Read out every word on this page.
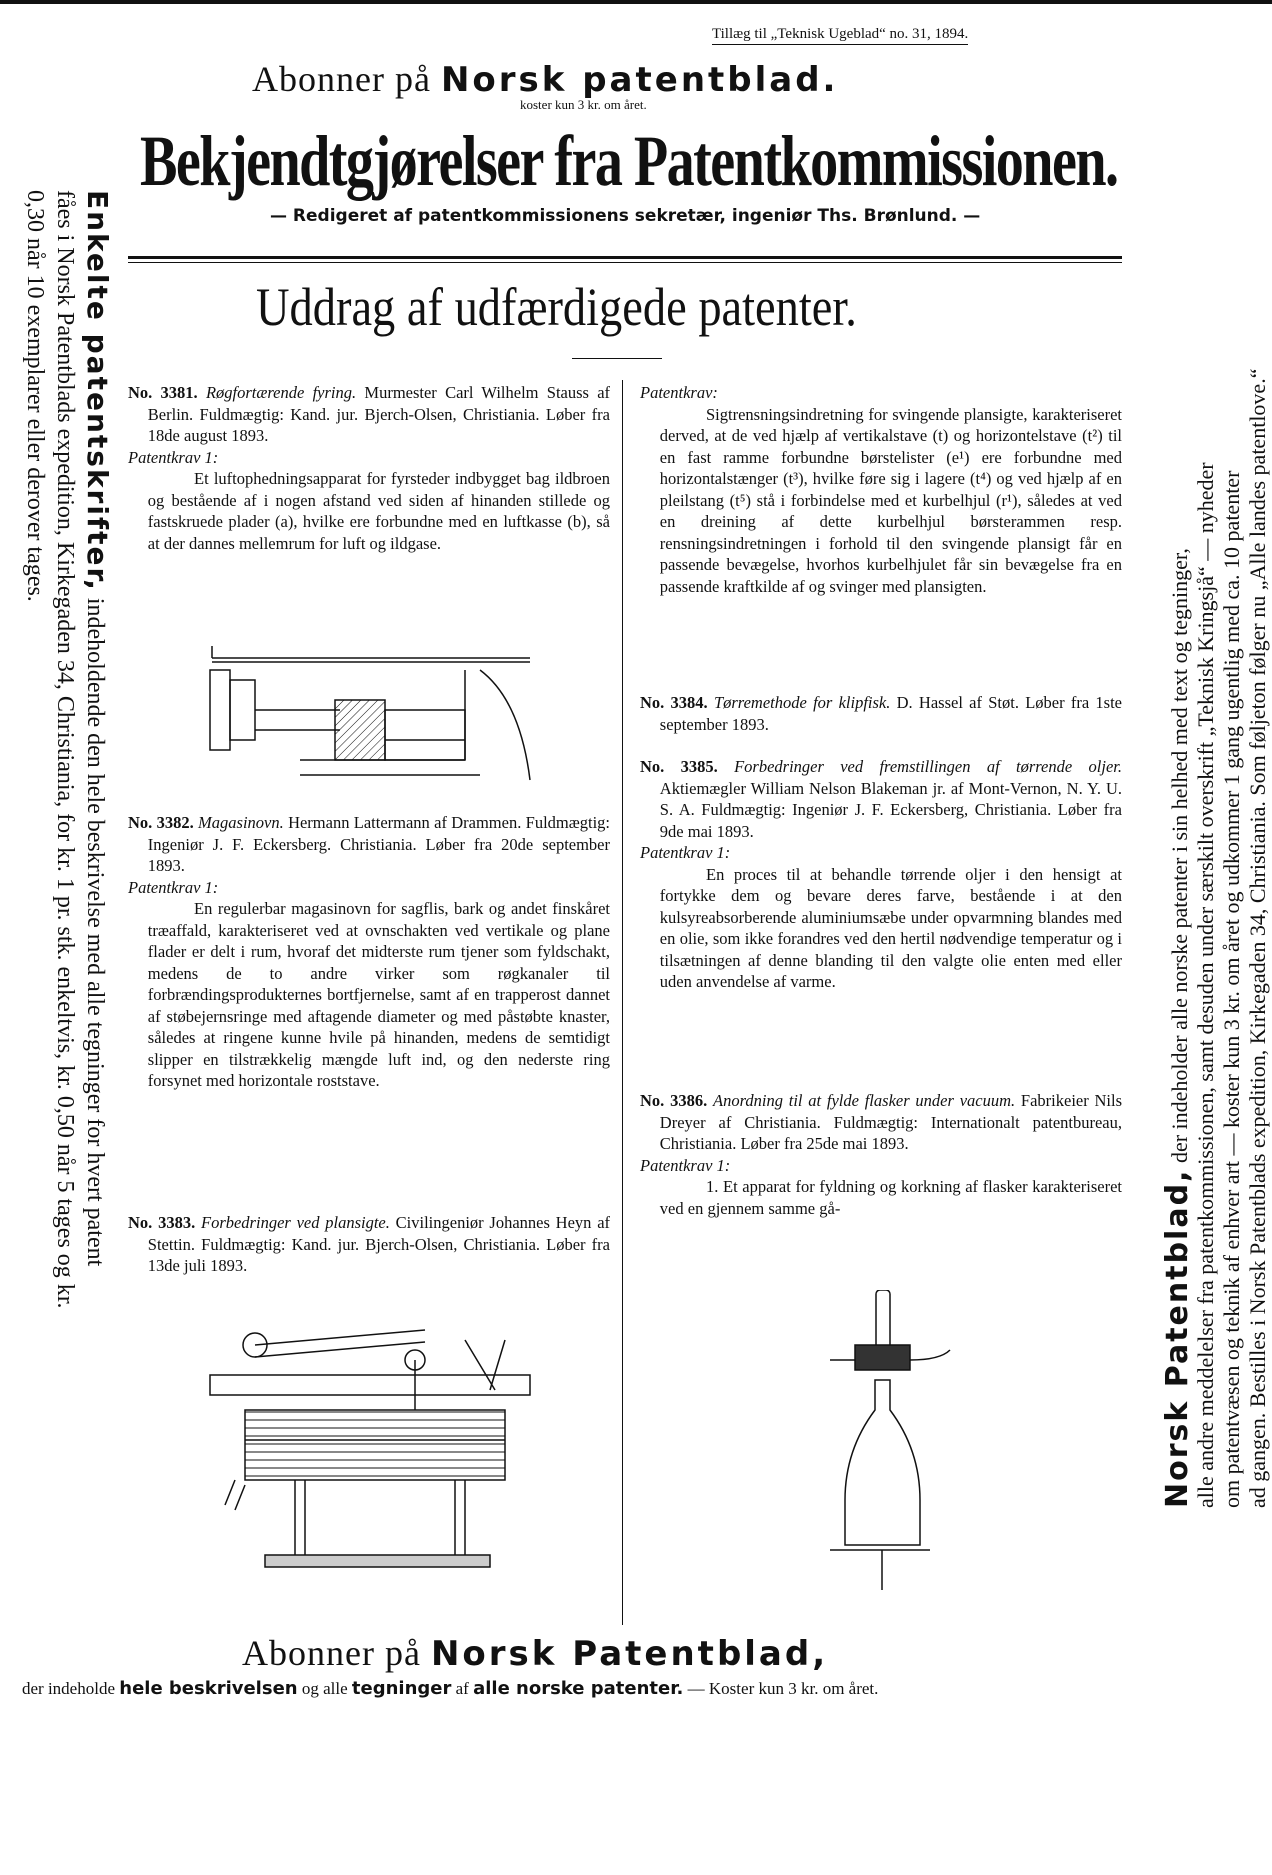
Tillæg til „Teknisk Ugeblad“ no. 31, 1894.
Abonner på Norsk patentblad.
koster kun 3 kr. om året.
Bekjendtgjørelser fra Patentkommissionen.
— Redigeret af patentkommissionens sekretær, ingeniør Ths. Brønlund. —
Uddrag af udfærdigede patenter.

No. 3381. Røgfortærende fyring. Murmester Carl Wilhelm Stauss af Berlin. Fuldmægtig: Kand. jur. Bjerch-Olsen, Christiania. Løber fra 18de august 1893.

Patentkrav 1:

Et luftophedningsapparat for fyrsteder indbygget bag ildbroen og bestående af i nogen afstand ved siden af hinanden stillede og fastskruede plader (a), hvilke ere forbundne med en luftkasse (b), så at der dannes mellemrum for luft og ildgase.

No. 3382. Magasinovn. Hermann Lattermann af Drammen. Fuldmægtig: Ingeniør J. F. Eckersberg. Christiania. Løber fra 20de september 1893.

Patentkrav 1:

En regulerbar magasinovn for sagflis, bark og andet finskåret træaffald, karakteriseret ved at ovnschakten ved vertikale og plane flader er delt i rum, hvoraf det midterste rum tjener som fyldschakt, medens de to andre virker som røgkanaler til forbrændingsprodukternes bortfjernelse, samt af en trapperost dannet af støbejernsringe med aftagende diameter og med påstøbte knaster, således at ringene kunne hvile på hinanden, medens de semtidigt slipper en tilstrækkelig mængde luft ind, og den nederste ring forsynet med horizontale roststave.

No. 3383. Forbedringer ved plansigte. Civilingeniør Johannes Heyn af Stettin. Fuldmægtig: Kand. jur. Bjerch-Olsen, Christiania. Løber fra 13de juli 1893.

Patentkrav:

Sigtrensningsindretning for svingende plansigte, karakteriseret derved, at de ved hjælp af vertikalstave (t) og horizontelstave (t²) til en fast ramme forbundne børstelister (e¹) ere forbundne med horizontalstænger (t³), hvilke føre sig i lagere (t⁴) og ved hjælp af en pleilstang (t⁵) stå i forbindelse med et kurbelhjul (r¹), således at ved en dreining af dette kurbelhjul børsterammen resp. rensningsindretningen i forhold til den svingende plansigt får en passende bevægelse, hvorhos kurbelhjulet får sin bevægelse fra en passende kraftkilde af og svinger med plansigten.

No. 3384. Tørremethode for klipfisk. D. Hassel af Støt. Løber fra 1ste september 1893.

No. 3385. Forbedringer ved fremstillingen af tørrende oljer. Aktiemægler William Nelson Blakeman jr. af Mont-Vernon, N. Y. U. S. A. Fuldmægtig: Ingeniør J. F. Eckersberg, Christiania. Løber fra 9de mai 1893.

Patentkrav 1:

En proces til at behandle tørrende oljer i den hensigt at fortykke dem og bevare deres farve, bestående i at den kulsyreabsorberende aluminiumsæbe under opvarmning blandes med en olie, som ikke forandres ved den hertil nødvendige temperatur og i tilsætningen af denne blanding til den valgte olie enten med eller uden anvendelse af varme.

No. 3386. Anordning til at fylde flasker under vacuum. Fabrikeier Nils Dreyer af Christiania. Fuldmægtig: Internationalt patentbureau, Christiania. Løber fra 25de mai 1893.

Patentkrav 1:

1. Et apparat for fyldning og korkning af flasker karakteriseret ved en gjennem samme gå-

Enkelte patentskrifter, indeholdende den hele beskrivelse med alle tegninger for hvert patent
fåes i Norsk Patentblads expedition, Kirkegaden 34, Christiania, for kr. 1 pr. stk. enkeltvis, kr. 0,50 når 5 tages og kr.
0,30 når 10 exemplarer eller derover tages.
Norsk Patentblad, der indeholder alle norske patenter i sin helhed med text og tegninger, alle andre meddelelser fra patentkommissionen, samt desuden under særskilt overskrift „Teknisk Kringsjå“ — nyheder om patentvæsen og teknik af enhver art — koster kun 3 kr. om året og udkommer 1 gang ugentlig med ca. 10 patenter ad gangen. Bestilles i Norsk Patentblads expedition, Kirkegaden 34, Christiania. Som føljeton følger nu „Alle landes patentlove.“
Abonner på Norsk Patentblad,
der indeholde hele beskrivelsen og alle tegninger af alle norske patenter. — Koster kun 3 kr. om året.
